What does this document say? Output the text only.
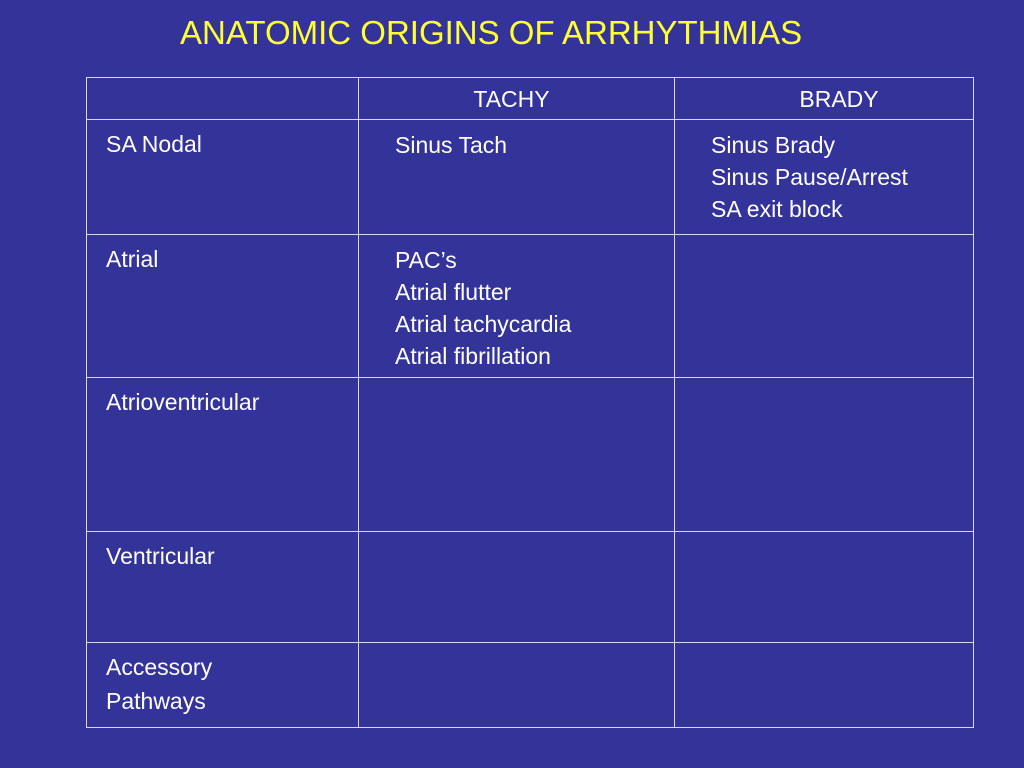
ANATOMIC ORIGINS OF ARRHYTHMIAS

	TACHY	BRADY

SA Nodal	Sinus Tach	Sinus Brady
Sinus Pause/Arrest
SA exit block

Atrial	PAC’s
Atrial flutter
Atrial tachycardia
Atrial fibrillation	

Atrioventricular		

Ventricular		

Accessory
Pathways		
